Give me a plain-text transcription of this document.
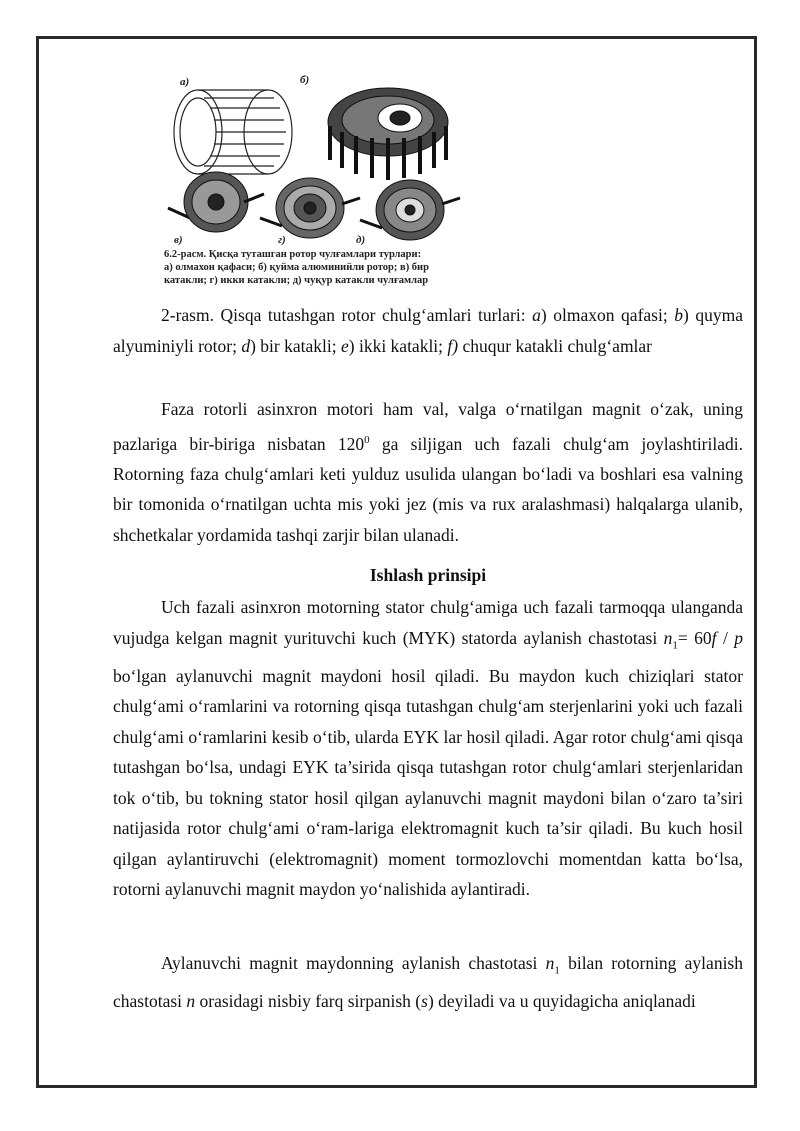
а)	б)
в)	г)	д)
6.2-расм. Қисқа туташган ротор чулғамлари турлари:
а) олмахон қафаси; б) қуйма алюминийли ротор; в) бир
катакли; г) икки катакли; д) чуқур катакли чулғамлар

2-rasm. Qisqa tutashgan rotor chulg‘amlari turlari: a) olmaxon qafasi; b) quyma alyuminiyli rotor; d) bir katakli; e) ikki katakli; f) chuqur katakli chulg‘amlar

Faza rotorli asinxron motori ham val, valga o‘rnatilgan magnit o‘zak, uning pazlariga bir-biriga nisbatan $120^0$ ga siljigan uch fazali chulg‘am joylashtiriladi. Rotorning faza chulg‘amlari keti yulduz usulida ulangan bo‘ladi va boshlari esa valning bir tomonida o‘rnatilgan uchta mis yoki jez (mis va rux aralashmasi) halqalarga ulanib, shchetkalar yordamida tashqi zarjir bilan ulanadi.

Ishlash prinsipi

Uch fazali asinxron motorning stator chulg‘amiga uch fazali tarmoqqa ulanganda vujudga kelgan magnit yurituvchi kuch (MYK) statorda aylanish chastotasi $n_1= 60f / p$ bo‘lgan aylanuvchi magnit maydoni hosil qiladi. Bu maydon kuch chiziqlari stator chulg‘ami o‘ramlarini va rotorning qisqa tutashgan chulg‘am sterjenlarini yoki uch fazali chulg‘ami o‘ramlarini kesib o‘tib, ularda EYK lar hosil qiladi. Agar rotor chulg‘ami qisqa tutashgan bo‘lsa, undagi EYK ta’sirida qisqa tutashgan rotor chulg‘amlari sterjenlaridan tok o‘tib, bu tokning stator hosil qilgan aylanuvchi magnit maydoni bilan o‘zaro ta’siri natijasida rotor chulg‘ami o‘ram-lariga elektromagnit kuch ta’sir qiladi. Bu kuch hosil qilgan aylantiruvchi (elektromagnit) moment tormozlovchi momentdan katta bo‘lsa, rotorni aylanuvchi magnit maydon yo‘nalishida aylantiradi.

Aylanuvchi magnit maydonning aylanish chastotasi $n_1$ bilan rotorning aylanish chastotasi n orasidagi nisbiy farq sirpanish (s) deyiladi va u quyidagicha aniqlanadi
